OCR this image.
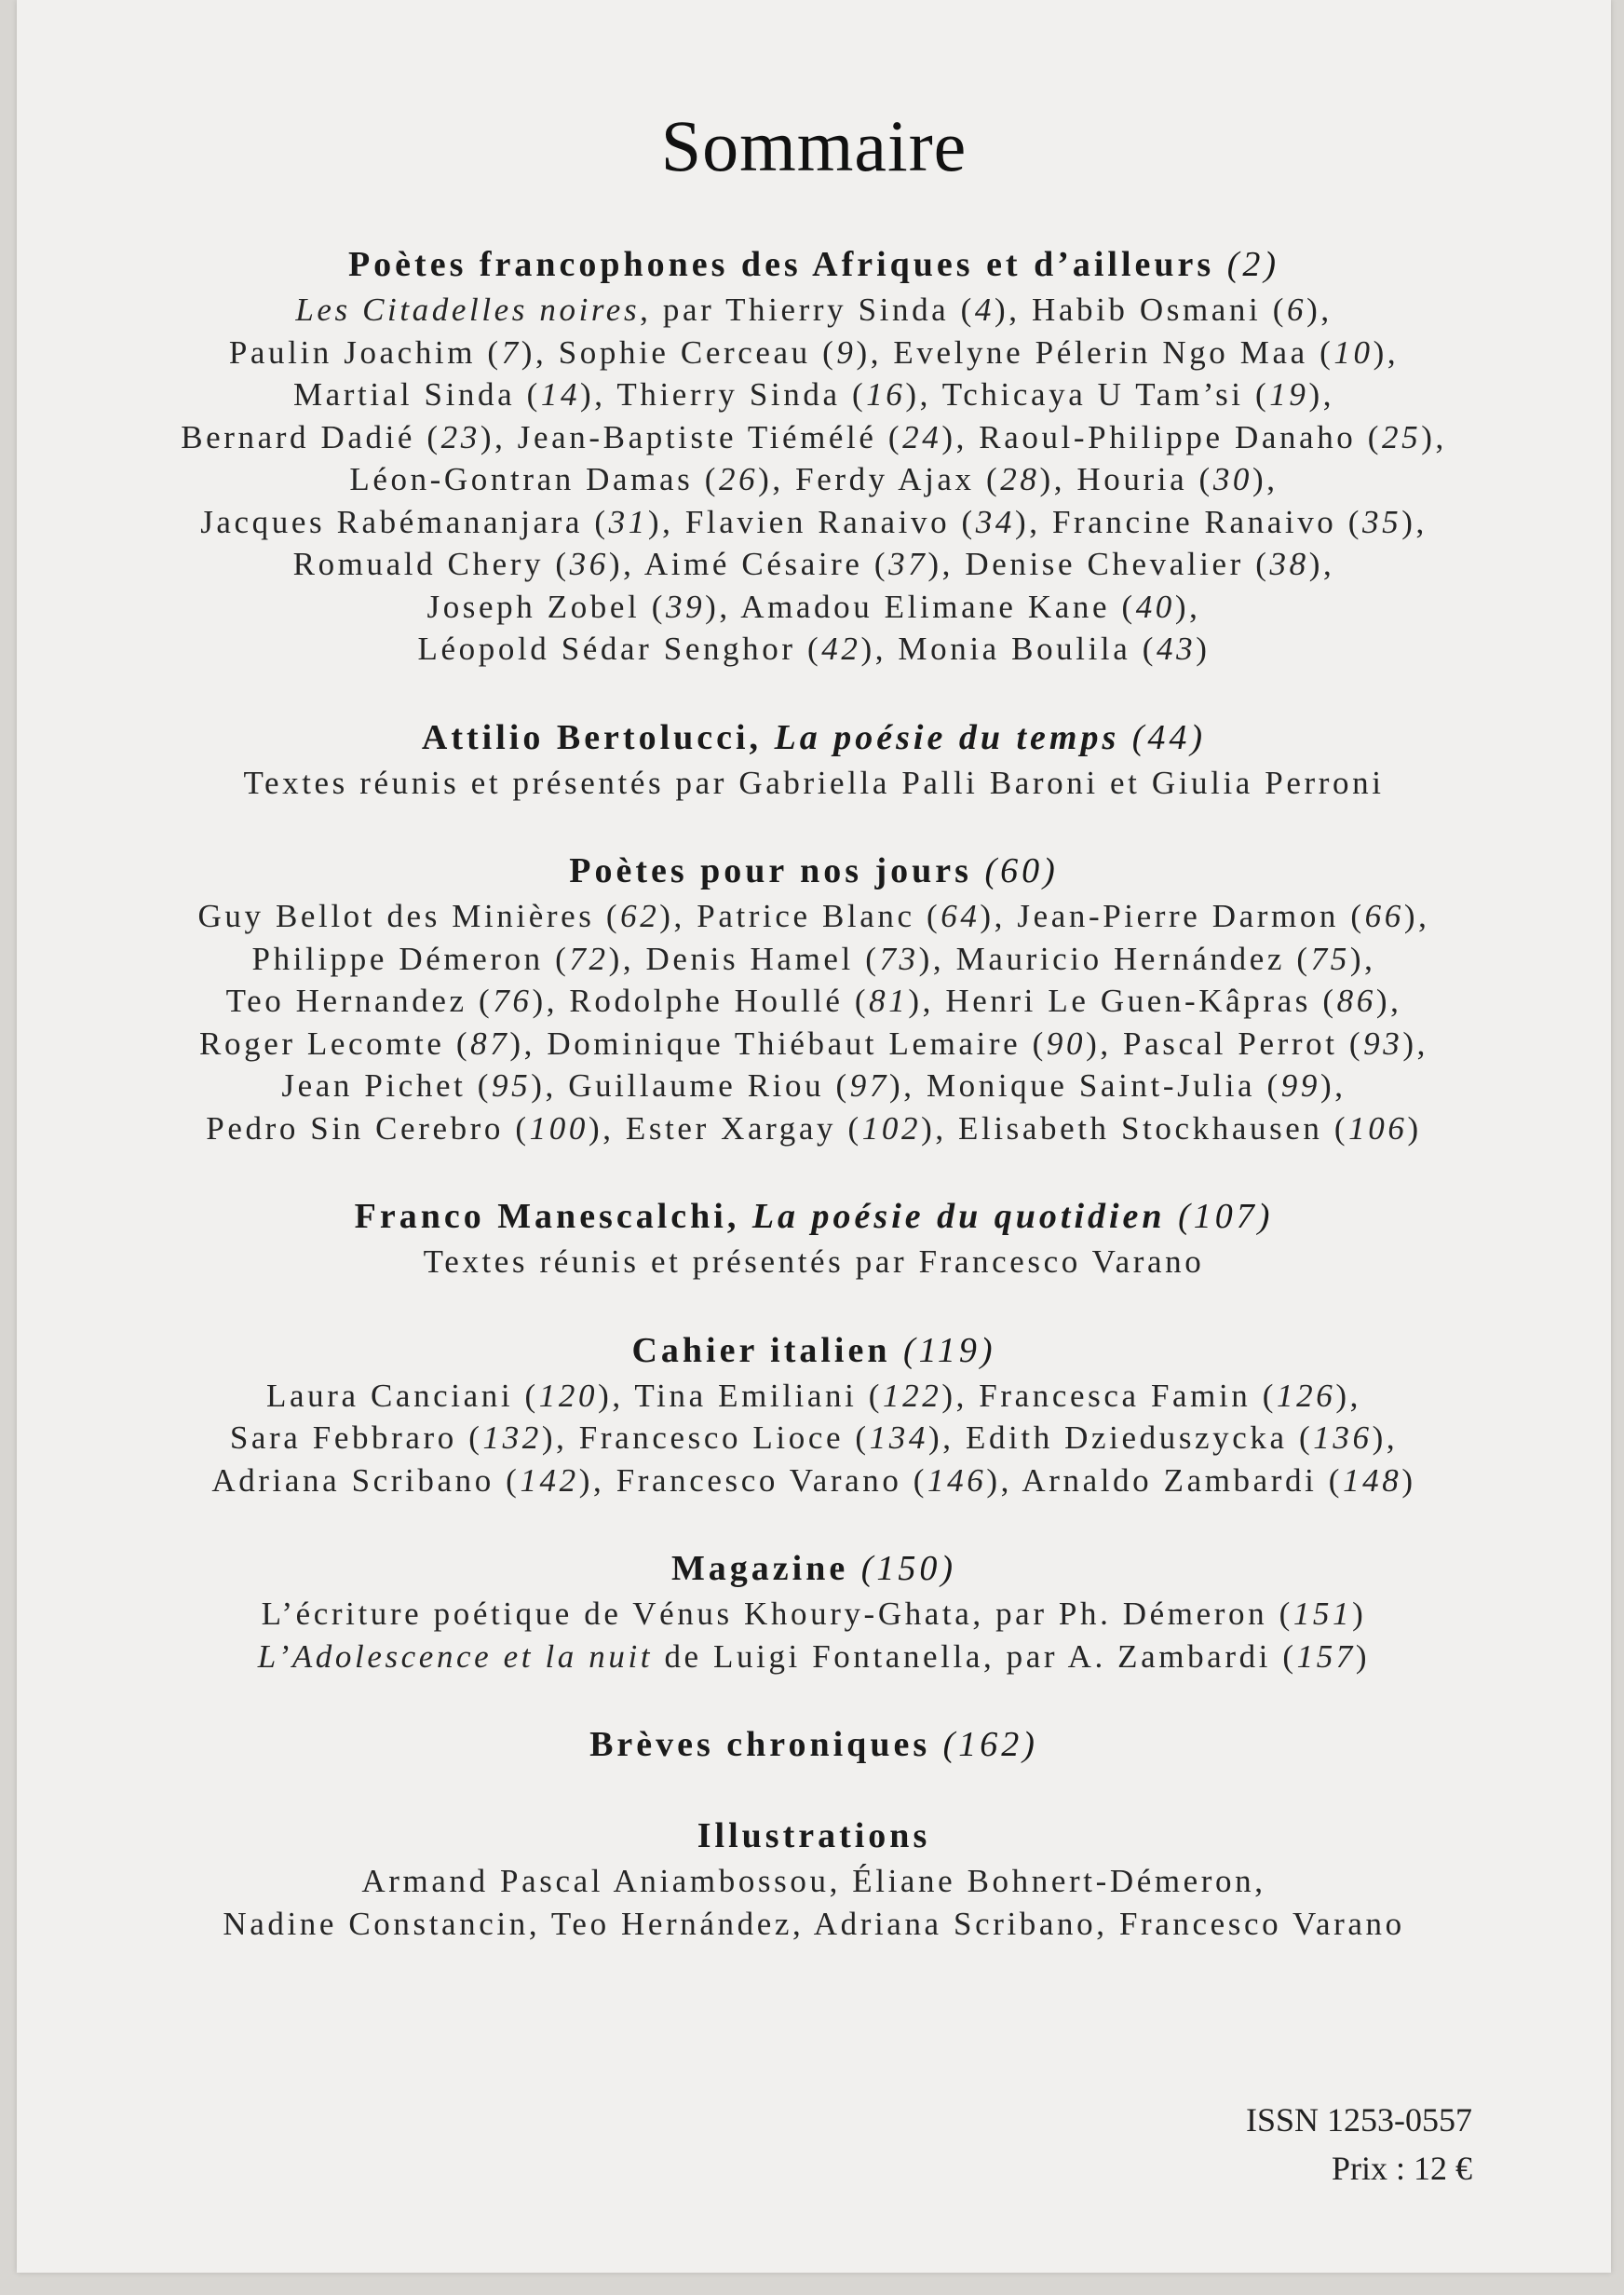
Sommaire
Poètes francophones des Afriques et d’ailleurs (2)
Les Citadelles noires, par Thierry Sinda (4), Habib Osmani (6),
Paulin Joachim (7), Sophie Cerceau (9), Evelyne Pélerin Ngo Maa (10),
Martial Sinda (14), Thierry Sinda (16), Tchicaya U Tam’si (19),
Bernard Dadié (23), Jean-Baptiste Tiémélé (24), Raoul-Philippe Danaho (25),
Léon-Gontran Damas (26), Ferdy Ajax (28), Houria (30),
Jacques Rabémananjara (31), Flavien Ranaivo (34), Francine Ranaivo (35),
Romuald Chery (36), Aimé Césaire (37), Denise Chevalier (38),
Joseph Zobel (39), Amadou Elimane Kane (40),
Léopold Sédar Senghor (42), Monia Boulila (43)
Attilio Bertolucci, La poésie du temps (44)
Textes réunis et présentés par Gabriella Palli Baroni et Giulia Perroni
Poètes pour nos jours (60)
Guy Bellot des Minières (62), Patrice Blanc (64), Jean-Pierre Darmon (66),
Philippe Démeron (72), Denis Hamel (73), Mauricio Hernández (75),
Teo Hernandez (76), Rodolphe Houllé (81), Henri Le Guen-Kâpras (86),
Roger Lecomte (87), Dominique Thiébaut Lemaire (90), Pascal Perrot (93),
Jean Pichet (95), Guillaume Riou (97), Monique Saint-Julia (99),
Pedro Sin Cerebro (100), Ester Xargay (102), Elisabeth Stockhausen (106)
Franco Manescalchi, La poésie du quotidien (107)
Textes réunis et présentés par Francesco Varano
Cahier italien (119)
Laura Canciani (120), Tina Emiliani (122), Francesca Famin (126),
Sara Febbraro (132), Francesco Lioce (134), Edith Dzieduszycka (136),
Adriana Scribano (142), Francesco Varano (146), Arnaldo Zambardi (148)
Magazine (150)
L’écriture poétique de Vénus Khoury-Ghata, par Ph. Démeron (151)
L’Adolescence et la nuit de Luigi Fontanella, par A. Zambardi (157)
Brèves chroniques (162)
Illustrations
Armand Pascal Aniambossou, Éliane Bohnert-Démeron,
Nadine Constancin, Teo Hernández, Adriana Scribano, Francesco Varano
ISSN 1253-0557
Prix : 12 €
